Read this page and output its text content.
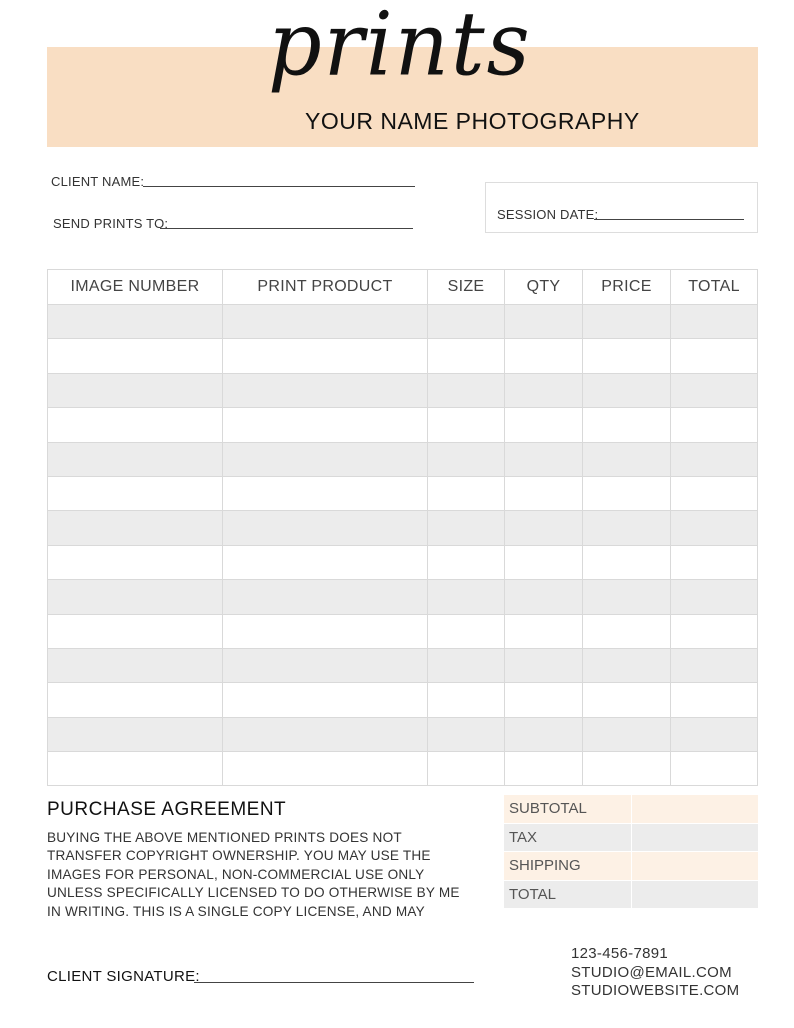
prints
YOUR NAME PHOTOGRAPHY
CLIENT NAME:
SEND PRINTS TO:
SESSION DATE:
IMAGE NUMBER	PRINT PRODUCT	SIZE	QTY	PRICE	TOTAL

PURCHASE AGREEMENT
BUYING THE ABOVE MENTIONED PRINTS DOES NOT
TRANSFER COPYRIGHT OWNERSHIP. YOU MAY USE THE
IMAGES FOR PERSONAL, NON-COMMERCIAL USE ONLY
UNLESS SPECIFICALLY LICENSED TO DO OTHERWISE BY ME
IN WRITING. THIS IS A SINGLE COPY LICENSE, AND MAY
SUBTOTAL	
TAX	
SHIPPING	
TOTAL	
CLIENT SIGNATURE:
123-456-7891
STUDIO@EMAIL.COM
STUDIOWEBSITE.COM
